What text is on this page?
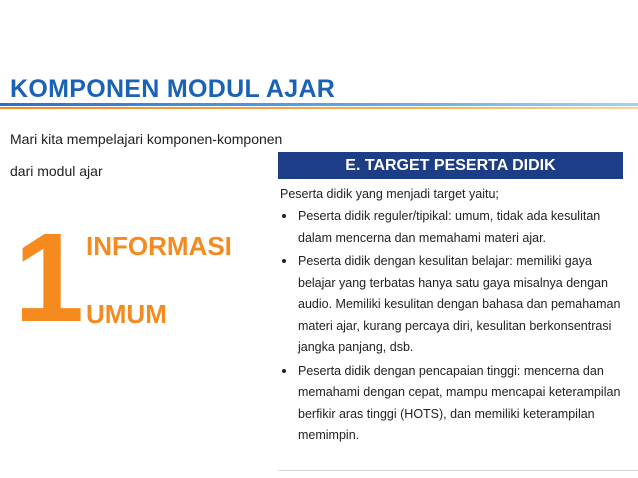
KOMPONEN MODUL AJAR
Mari kita mempelajari komponen-komponen
dari modul ajar
1 INFORMASI
UMUM
E. TARGET PESERTA DIDIK
Peserta didik yang menjadi target yaitu;
Peserta didik reguler/tipikal: umum, tidak ada kesulitan dalam mencerna dan memahami materi ajar.
Peserta didik dengan kesulitan belajar: memiliki gaya belajar yang terbatas hanya satu gaya misalnya dengan audio. Memiliki kesulitan dengan bahasa dan pemahaman materi ajar, kurang percaya diri, kesulitan berkonsentrasi jangka panjang, dsb.
Peserta didik dengan pencapaian tinggi: mencerna dan memahami dengan cepat, mampu mencapai keterampilan berfikir aras tinggi (HOTS), dan memiliki keterampilan memimpin.
